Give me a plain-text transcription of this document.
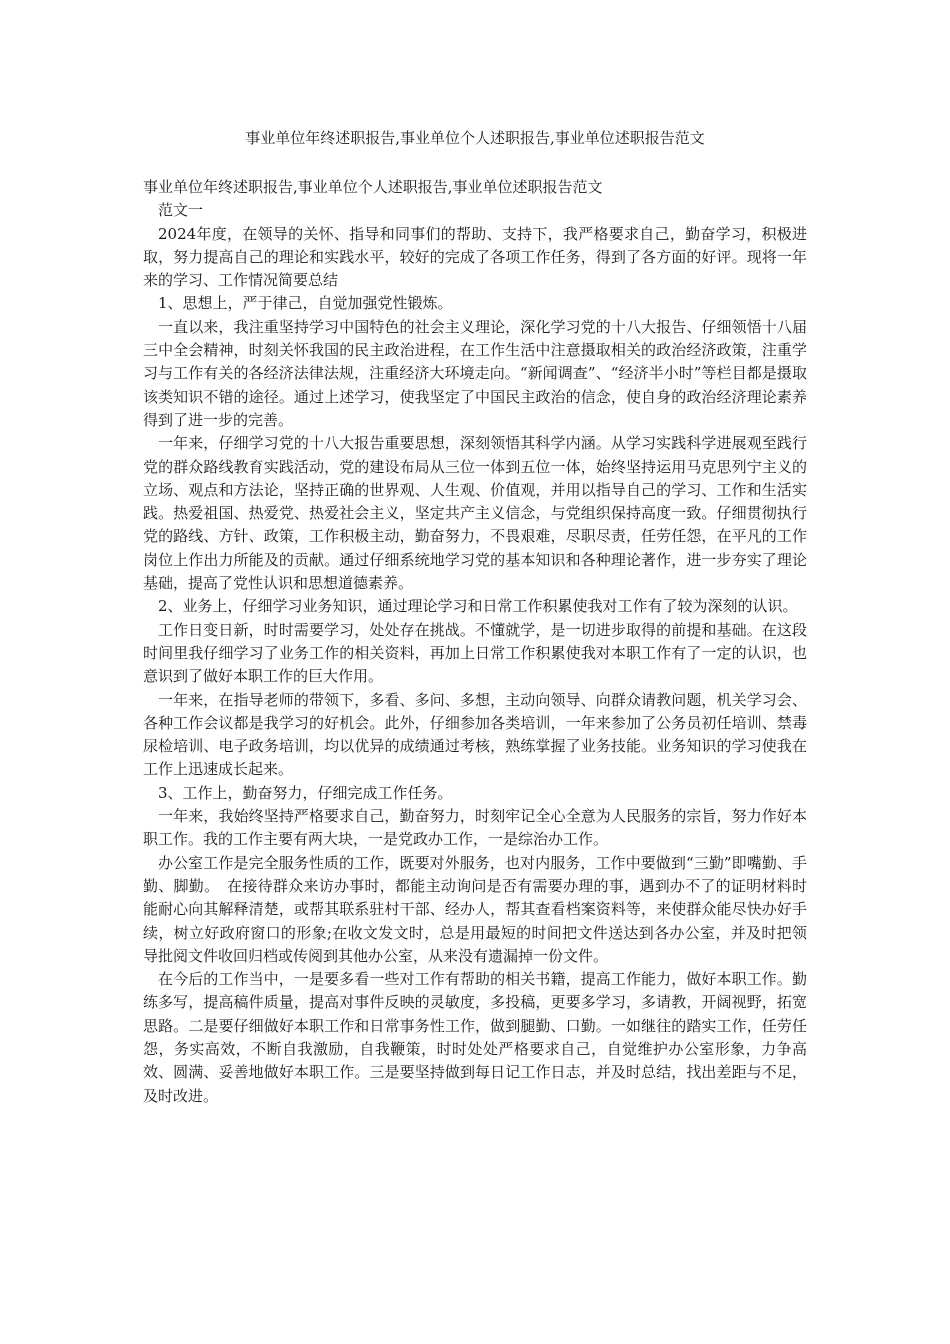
事业单位年终述职报告,事业单位个人述职报告,事业单位述职报告范文

事业单位年终述职报告,事业单位个人述职报告,事业单位述职报告范文

范文一

2024年度，在领导的关怀、指导和同事们的帮助、支持下，我严格要求自己，勤奋学习，积极进取，努力提高自己的理论和实践水平，较好的完成了各项工作任务，得到了各方面的好评。现将一年来的学习、工作情况简要总结

1、思想上，严于律己，自觉加强党性锻炼。

一直以来，我注重坚持学习中国特色的社会主义理论，深化学习党的十八大报告、仔细领悟十八届三中全会精神，时刻关怀我国的民主政治进程，在工作生活中注意摄取相关的政治经济政策，注重学习与工作有关的各经济法律法规，注重经济大环境走向。“新闻调查”、“经济半小时”等栏目都是摄取该类知识不错的途径。通过上述学习，使我坚定了中国民主政治的信念，使自身的政治经济理论素养得到了进一步的完善。

一年来，仔细学习党的十八大报告重要思想，深刻领悟其科学内涵。从学习实践科学进展观至践行党的群众路线教育实践活动，党的建设布局从三位一体到五位一体，始终坚持运用马克思列宁主义的立场、观点和方法论，坚持正确的世界观、人生观、价值观，并用以指导自己的学习、工作和生活实践。热爱祖国、热爱党、热爱社会主义，坚定共产主义信念，与党组织保持高度一致。仔细贯彻执行党的路线、方针、政策，工作积极主动，勤奋努力，不畏艰难，尽职尽责，任劳任怨，在平凡的工作岗位上作出力所能及的贡献。通过仔细系统地学习党的基本知识和各种理论著作，进一步夯实了理论基础，提高了党性认识和思想道德素养。

2、业务上，仔细学习业务知识，通过理论学习和日常工作积累使我对工作有了较为深刻的认识。

工作日变日新，时时需要学习，处处存在挑战。不懂就学，是一切进步取得的前提和基础。在这段时间里我仔细学习了业务工作的相关资料，再加上日常工作积累使我对本职工作有了一定的认识，也意识到了做好本职工作的巨大作用。

一年来，在指导老师的带领下，多看、多问、多想，主动向领导、向群众请教问题，机关学习会、各种工作会议都是我学习的好机会。此外，仔细参加各类培训，一年来参加了公务员初任培训、禁毒尿检培训、电子政务培训，均以优异的成绩通过考核，熟练掌握了业务技能。业务知识的学习使我在工作上迅速成长起来。

3、工作上，勤奋努力，仔细完成工作任务。

一年来，我始终坚持严格要求自己，勤奋努力，时刻牢记全心全意为人民服务的宗旨，努力作好本职工作。我的工作主要有两大块，一是党政办工作，一是综治办工作。

办公室工作是完全服务性质的工作，既要对外服务，也对内服务，工作中要做到“三勤”即嘴勤、手勤、脚勤。　在接待群众来访办事时，都能主动询问是否有需要办理的事，遇到办不了的证明材料时能耐心向其解释清楚，或帮其联系驻村干部、经办人，帮其查看档案资料等，来使群众能尽快办好手续，树立好政府窗口的形象;在收文发文时，总是用最短的时间把文件送达到各办公室，并及时把领导批阅文件收回归档或传阅到其他办公室，从来没有遗漏掉一份文件。

在今后的工作当中，一是要多看一些对工作有帮助的相关书籍，提高工作能力，做好本职工作。勤练多写，提高稿件质量，提高对事件反映的灵敏度，多投稿，更要多学习，多请教，开阔视野，拓宽思路。二是要仔细做好本职工作和日常事务性工作，做到腿勤、口勤。一如继往的踏实工作，任劳任怨，务实高效，不断自我激励，自我鞭策，时时处处严格要求自己，自觉维护办公室形象，力争高效、圆满、妥善地做好本职工作。三是要坚持做到每日记工作日志，并及时总结，找出差距与不足，及时改进。
